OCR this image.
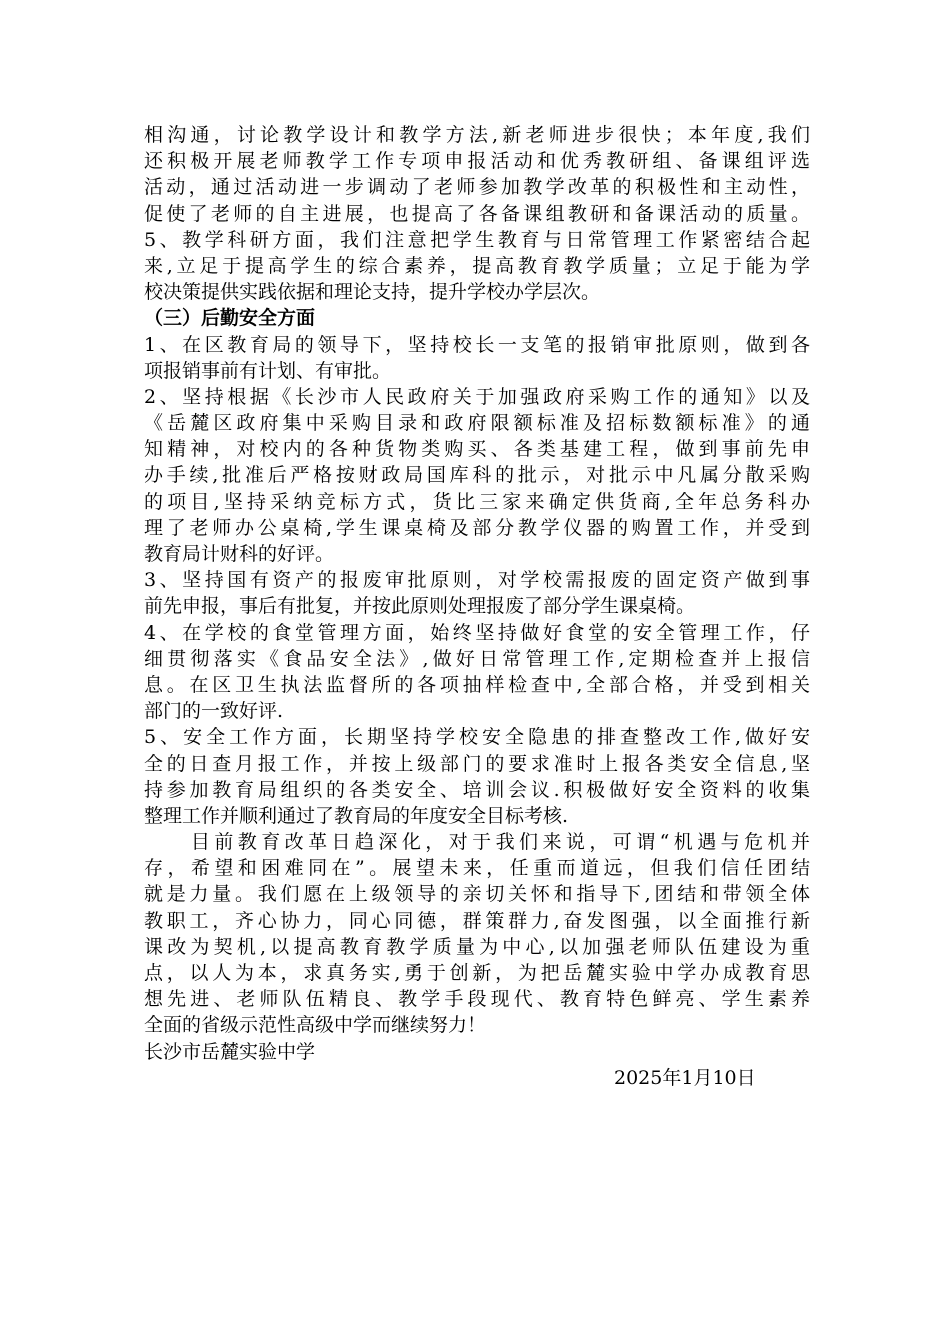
相沟通，讨论教学设计和教学方法,新老师进步很快；本年度,我们
还积极开展老师教学工作专项申报活动和优秀教研组、备课组评选
活动，通过活动进一步调动了老师参加教学改革的积极性和主动性，
促使了老师的自主进展，也提高了各备课组教研和备课活动的质量。
5、教学科研方面，我们注意把学生教育与日常管理工作紧密结合起
来,立足于提高学生的综合素养，提高教育教学质量；立足于能为学
校决策提供实践依据和理论支持，提升学校办学层次。
（三）后勤安全方面
1、在区教育局的领导下，坚持校长一支笔的报销审批原则，做到各
项报销事前有计划、有审批。
2、坚持根据《长沙市人民政府关于加强政府采购工作的通知》以及
《岳麓区政府集中采购目录和政府限额标准及招标数额标准》的通
知精神，对校内的各种货物类购买、各类基建工程，做到事前先申
办手续,批准后严格按财政局国库科的批示，对批示中凡属分散采购
的项目,坚持采纳竞标方式，货比三家来确定供货商,全年总务科办
理了老师办公桌椅,学生课桌椅及部分教学仪器的购置工作，并受到
教育局计财科的好评。
3、坚持国有资产的报废审批原则，对学校需报废的固定资产做到事
前先申报，事后有批复，并按此原则处理报废了部分学生课桌椅。
4、在学校的食堂管理方面，始终坚持做好食堂的安全管理工作，仔
细贯彻落实《食品安全法》,做好日常管理工作,定期检查并上报信
息。在区卫生执法监督所的各项抽样检查中,全部合格，并受到相关
部门的一致好评.
5、安全工作方面，长期坚持学校安全隐患的排查整改工作,做好安
全的日查月报工作，并按上级部门的要求准时上报各类安全信息,坚
持参加教育局组织的各类安全、培训会议.积极做好安全资料的收集
整理工作并顺利通过了教育局的年度安全目标考核.
　　目前教育改革日趋深化，对于我们来说，可谓“机遇与危机并
存，希望和困难同在”。展望未来，任重而道远，但我们信任团结
就是力量。我们愿在上级领导的亲切关怀和指导下,团结和带领全体
教职工，齐心协力，同心同德，群策群力,奋发图强，以全面推行新
课改为契机,以提高教育教学质量为中心,以加强老师队伍建设为重
点，以人为本，求真务实,勇于创新，为把岳麓实验中学办成教育思
想先进、老师队伍精良、教学手段现代、教育特色鲜亮、学生素养
全面的省级示范性高级中学而继续努力！
长沙市岳麓实验中学
2025年1月10日
